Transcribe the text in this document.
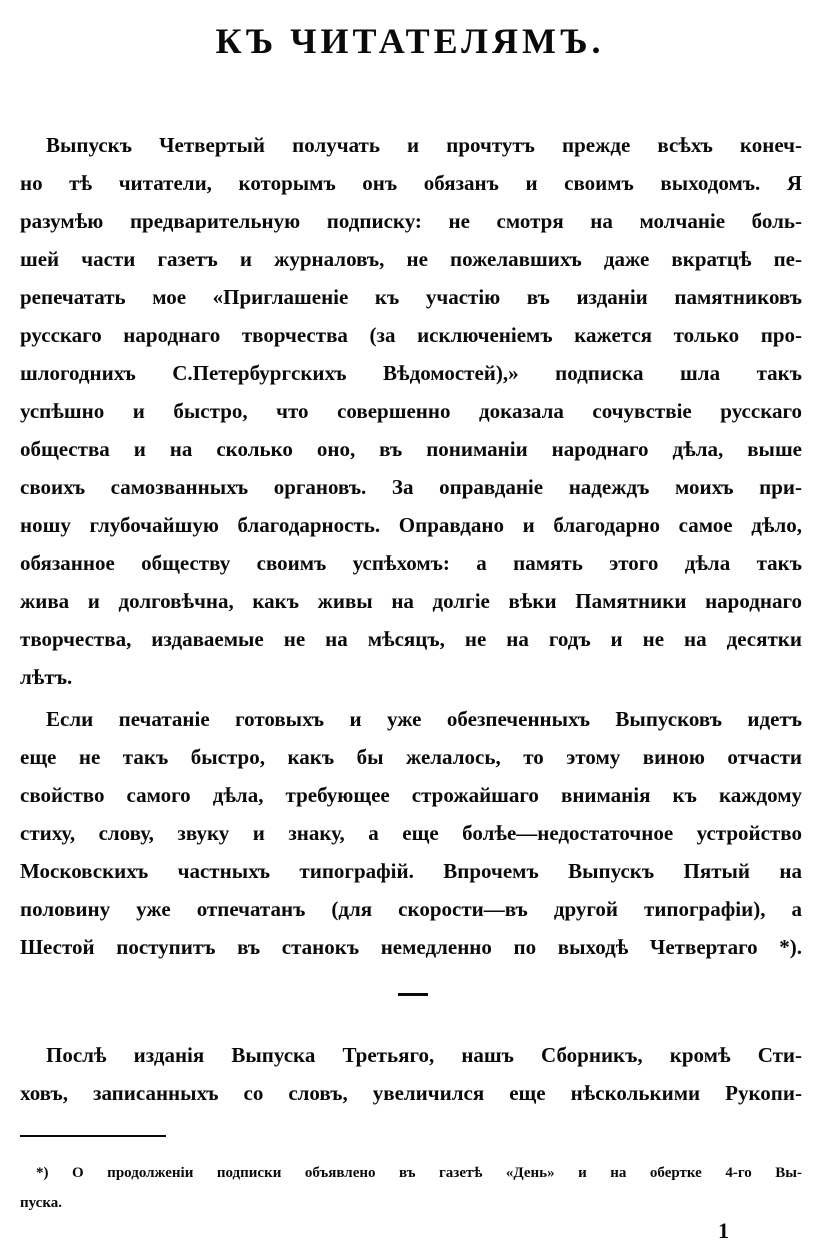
КЪ ЧИТАТЕЛЯМЪ.
Выпускъ Четвертый получать и прочтутъ прежде всѣхъ конеч-
но тѣ читатели, которымъ онъ обязанъ и своимъ выходомъ. Я
разумѣю предварительную подписку: не смотря на молчаніе боль-
шей части газетъ и журналовъ, не пожелавшихъ даже вкратцѣ пе-
репечатать мое «Приглашеніе къ участію въ изданіи памятниковъ
русскаго народнаго творчества (за исключеніемъ кажется только про-
шлогоднихъ С.Петербургскихъ Вѣдомостей),» подписка шла такъ
успѣшно и быстро, что совершенно доказала сочувствіе русскаго
общества и на сколько оно, въ пониманіи народнаго дѣла, выше
своихъ самозванныхъ органовъ. За оправданіе надеждъ моихъ при-
ношу глубочайшую благодарность. Оправдано и благодарно самое дѣло,
обязанное обществу своимъ успѣхомъ: а память этого дѣла такъ
жива и долговѣчна, какъ живы на долгіе вѣки Памятники народнаго
творчества, издаваемые не на мѣсяцъ, не на годъ и не на десятки
лѣтъ.
Если печатаніе готовыхъ и уже обезпеченныхъ Выпусковъ идетъ
еще не такъ быстро, какъ бы желалось, то этому виною отчасти
свойство самого дѣла, требующее строжайшаго вниманія къ каждому
стиху, слову, звуку и знаку, а еще болѣе—недостаточное устройство
Московскихъ частныхъ типографій. Впрочемъ Выпускъ Пятый на
половину уже отпечатанъ (для скорости—въ другой типографіи), а
Шестой поступитъ въ станокъ немедленно по выходѣ Четвертаго *).
Послѣ изданія Выпуска Третьяго, нашъ Сборникъ, кромѣ Сти-
ховъ, записанныхъ со словъ, увеличился еще нѣсколькими Рукопи-
*) О продолженіи подписки объявлено въ газетѣ «День» и на обертке 4-го Вы-
пуска.
1
